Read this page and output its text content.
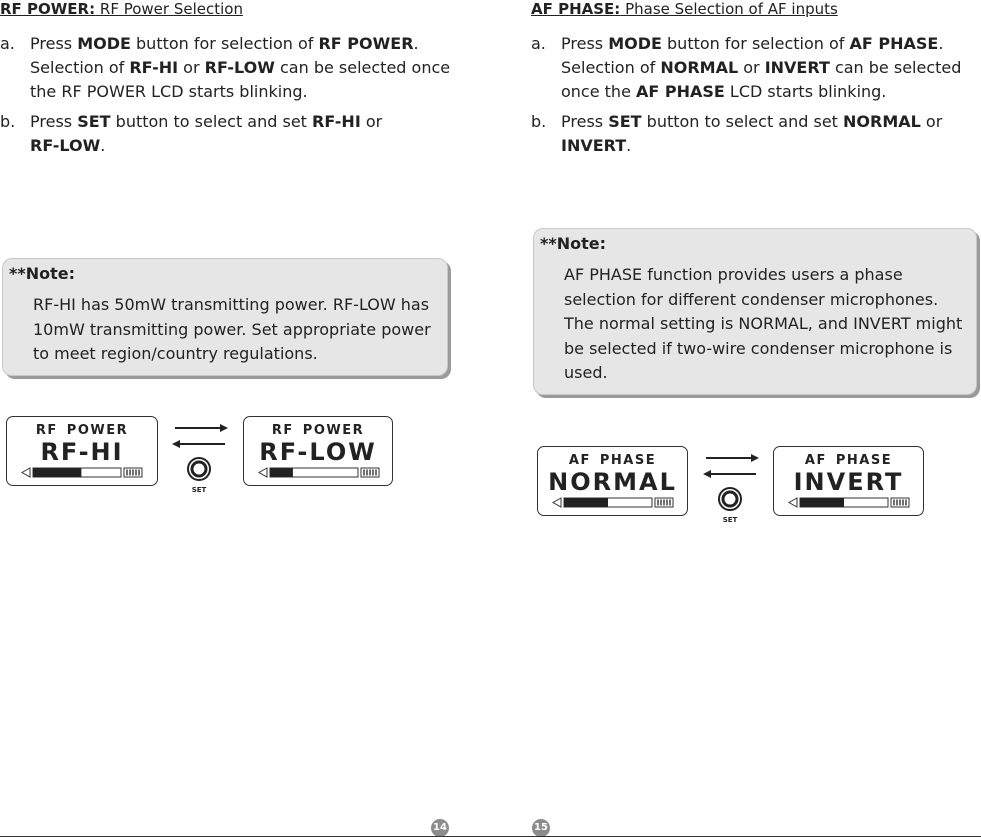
RF POWER: RF Power Selection

a. Press MODE button for selection of RF POWER. Selection of RF-HI or RF-LOW can be selected once the RF POWER LCD starts blinking.
b. Press SET button to select and set RF-HI or
RF-LOW.
**Note:
RF-HI has 50mW transmitting power. RF-LOW has 10mW transmitting power. Set appropriate power to meet region/country regulations.
RF POWER
RF-HI
SET
RF POWER
RF-LOW

AF PHASE: Phase Selection of AF inputs

a. Press MODE button for selection of AF PHASE. Selection of NORMAL or INVERT can be selected once the AF PHASE LCD starts blinking.
b. Press SET button to select and set NORMAL or
INVERT.
**Note:
AF PHASE function provides users a phase selection for different condenser microphones. The normal setting is NORMAL, and INVERT might be selected if two-wire condenser microphone is used.
AF PHASE
NORMAL
SET
AF PHASE
INVERT
14	15
